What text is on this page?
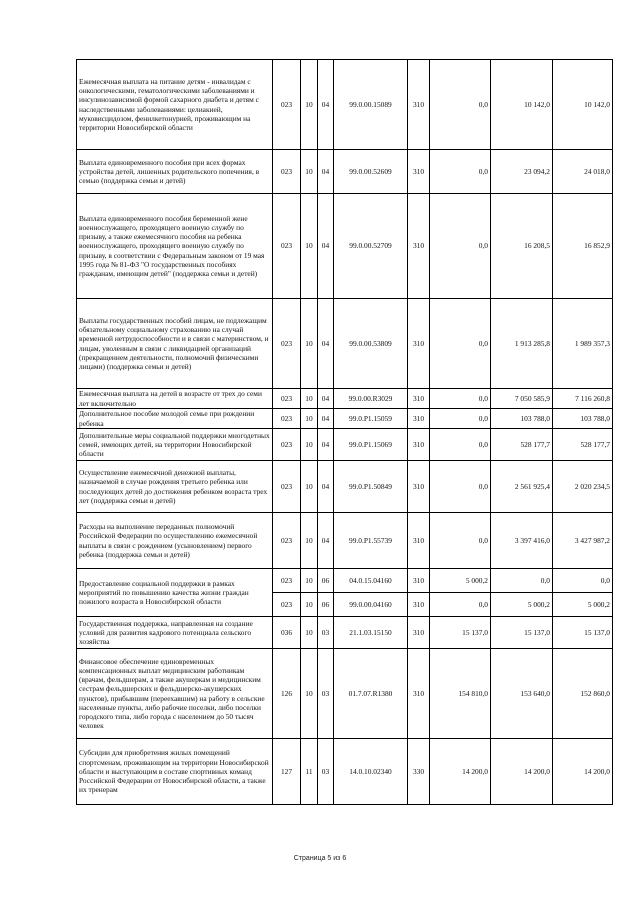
Ежемесячная выплата на питание детям - инвалидам с онкологическими, гематологическими заболеваниями и инсулинозависимой формой сахарного диабета и детям с наследственными заболеваниями: целиакией, муковисцидозом, фенилкетонурией, проживающим на территории Новосибирской области	023	10	04	99.0.00.15089	310	0,0	10 142,0	10 142,0
Выплата единовременного пособия при всех формах устройства детей, лишенных родительского попечения, в семью (поддержка семьи и детей)	023	10	04	99.0.00.52609	310	0,0	23 094,2	24 018,0
Выплата единовременного пособия беременной жене военнослужащего, проходящего военную службу по призыву, а также ежемесячного пособия на ребенка военнослужащего, проходящего военную службу по призыву, в соответствии с Федеральным законом от 19 мая 1995 года № 81-ФЗ "О государственных пособиях гражданам, имеющим детей" (поддержка семьи и детей)	023	10	04	99.0.00.52709	310	0,0	16 208,5	16 852,9
Выплаты государственных пособий лицам, не подлежащим обязательному социальному страхованию на случай временной нетрудоспособности и в связи с материнством, и лицам, уволенным в связи с ликвидацией организаций (прекращением деятельности, полномочий физическими лицами) (поддержка семьи и детей)	023	10	04	99.0.00.53809	310	0,0	1 913 285,8	1 989 357,3
Ежемесячная выплата на детей в возрасте от трех до семи лет включительно	023	10	04	99.0.00.R3029	310	0,0	7 050 585,9	7 116 260,8
Дополнительное пособие молодой семье при рождении ребенка	023	10	04	99.0.P1.15059	310	0,0	103 788,0	103 788,0
Дополнительные меры социальной поддержки многодетных семей, имеющих детей, на территории Новосибирской области	023	10	04	99.0.P1.15069	310	0,0	528 177,7	528 177,7
Осуществление ежемесячной денежной выплаты, назначаемой в случае рождения третьего ребенка или последующих детей до достижения ребенком возраста трех лет (поддержка семьи и детей)	023	10	04	99.0.P1.50849	310	0,0	2 561 925,4	2 020 234,5
Расходы на выполнение переданных полномочий Российской Федерации по осуществлению ежемесячной выплаты в связи с рождением (усыновлением) первого ребенка (поддержка семьи и детей)	023	10	04	99.0.P1.55739	310	0,0	3 397 416,0	3 427 987,2
Предоставление социальной поддержки в рамках мероприятий по повышению качества жизни граждан пожилого возраста в Новосибирской области	023	10	06	04.0.15.04160	310	5 000,2	0,0	0,0
	023	10	06	99.0.00.04160	310	0,0	5 000,2	5 000,2
Государственная поддержка, направленная на создание условий для развития кадрового потенциала сельского хозяйства	036	10	03	21.1.03.15150	310	15 137,0	15 137,0	15 137,0
Финансовое обеспечение единовременных компенсационных выплат медицинским работникам (врачам, фельдшерам, а также акушеркам и медицинским сестрам фельдшерских и фельдшерско-акушерских пунктов), прибывшим (переехавшим) на работу в сельские населенные пункты, либо рабочие поселки, либо поселки городского типа, либо города с населением до 50 тысяч человек	126	10	03	01.7.07.R1380	310	154 810,0	153 640,0	152 860,0
Субсидии для приобретения жилых помещений спортсменам, проживающим на территории Новосибирской области и выступающим в составе спортивных команд Российской Федерации от Новосибирской области, а также их тренерам	127	11	03	14.0.10.02340	330	14 200,0	14 200,0	14 200,0
Страница 5 из 6
